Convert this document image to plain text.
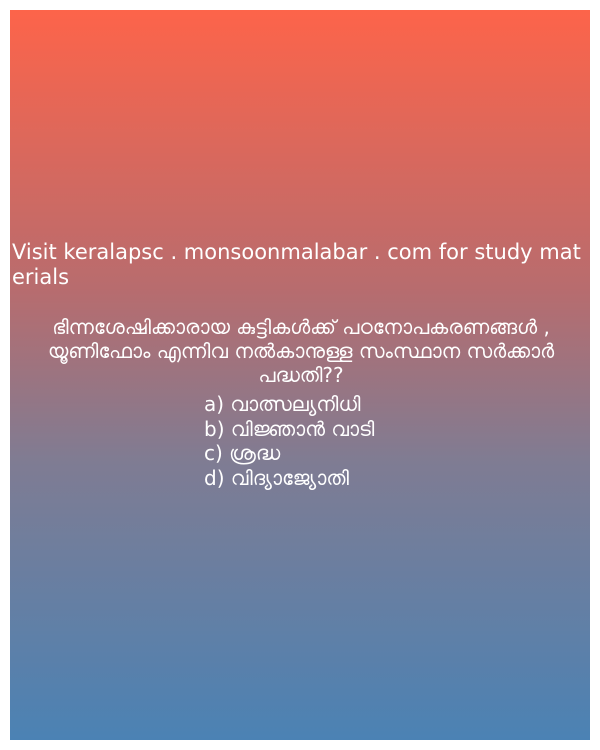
Visit keralapsc . monsoonmalabar . com for study materials
ഭിന്നശേഷിക്കാരായ കുട്ടികൾക്ക് പഠനോപകരണങ്ങൾ , യൂണിഫോം എന്നിവ നൽകാനുള്ള സംസ്ഥാന സർക്കാർ പദ്ധതി??
a) വാത്സല്യനിധി
b) വിജ്ഞാൻ വാടി
c) ശ്രദ്ധ
d) വിദ്യാജ്യോതി
